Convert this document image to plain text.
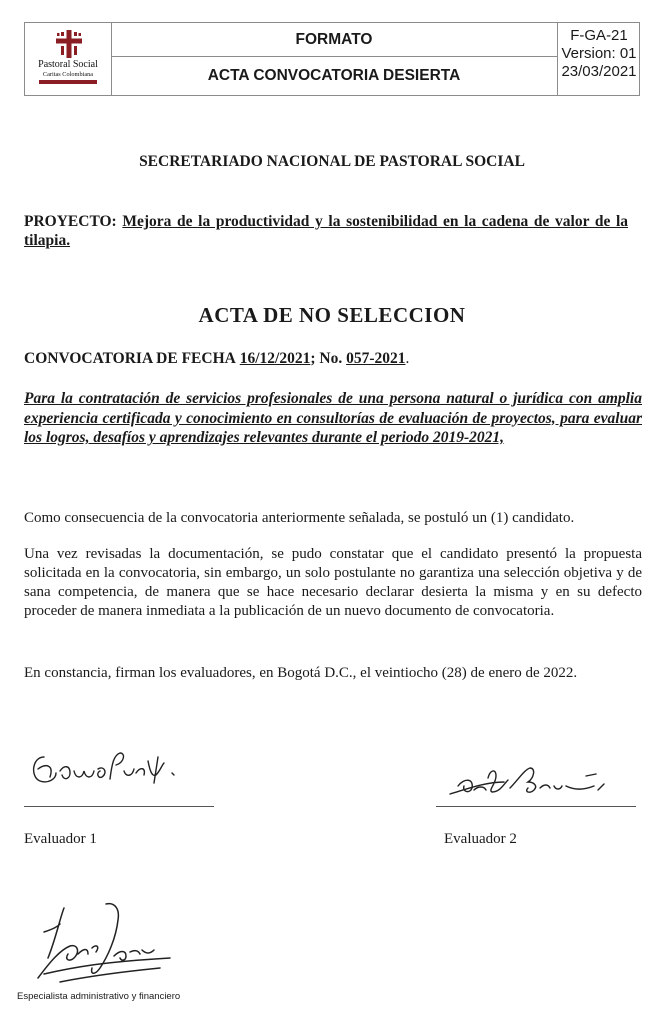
Pastoral Social
Caritas Colombiana
FORMATO
ACTA CONVOCATORIA DESIERTA
F-GA-21
Version: 01
23/03/2021
SECRETARIADO NACIONAL DE PASTORAL SOCIAL
PROYECTO: Mejora de la productividad y la sostenibilidad en la cadena de valor de la tilapia.
ACTA DE NO SELECCION
CONVOCATORIA DE FECHA 16/12/2021; No. 057-2021.
Para la contratación de servicios profesionales de una persona natural o jurídica con amplia experiencia certificada y conocimiento en consultorías de evaluación de proyectos, para evaluar los logros, desafíos y aprendizajes relevantes durante el periodo 2019-2021,
Como consecuencia de la convocatoria anteriormente señalada, se postuló un (1) candidato.
Una vez revisadas la documentación, se pudo constatar que el candidato presentó la propuesta solicitada en la convocatoria, sin embargo, un solo postulante no garantiza una selección objetiva y de sana competencia, de manera que se hace necesario declarar desierta la misma y en su defecto proceder de manera inmediata a la publicación de un nuevo documento de convocatoria.
En constancia, firman los evaluadores, en Bogotá D.C., el veintiocho (28) de enero de 2022.
Evaluador 1	Evaluador 2
Especialista administrativo y financiero
